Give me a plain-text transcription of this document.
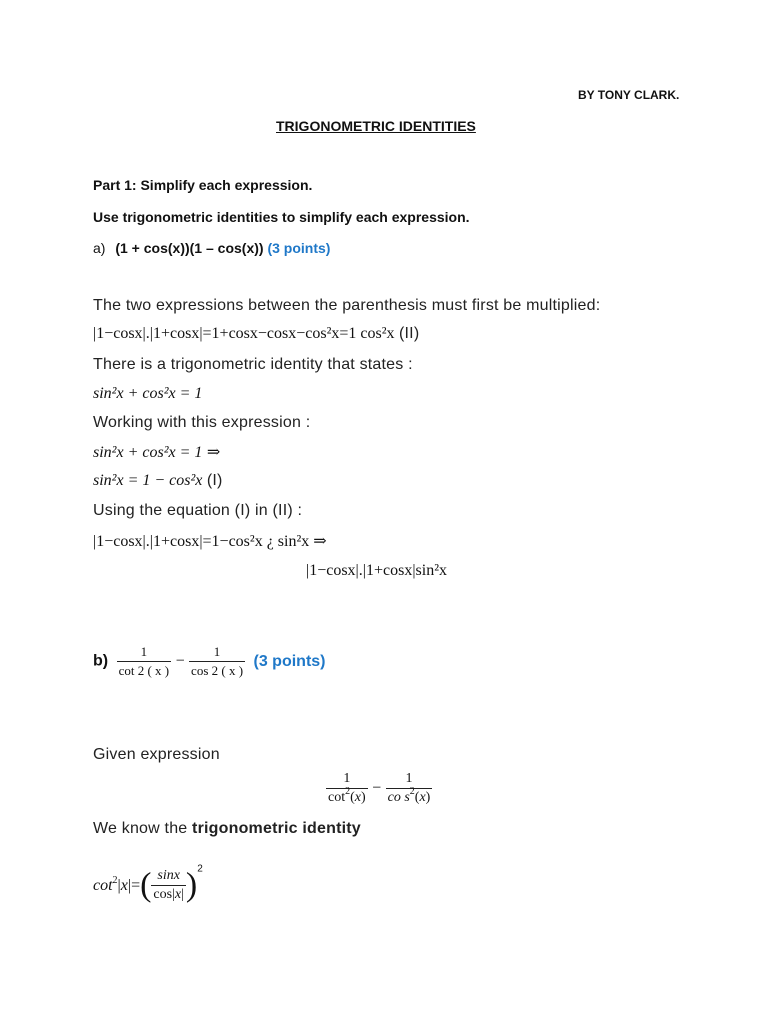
BY TONY CLARK.
TRIGONOMETRIC IDENTITIES
Part 1: Simplify each expression.
Use trigonometric identities to simplify each expression.
a) (1 + cos(x))(1 – cos(x)) (3 points)
The two expressions between the parenthesis must first be multiplied:
|1−cosx|.|1+cosx|=1+cosx−cosx−cos²x=1 cos²x (II)
There is a trigonometric identity that states :
sin²x + cos²x = 1
Working with this expression :
sin²x + cos²x = 1 ⇒
sin²x = 1 − cos²x (I)
Using the equation (I) in (II) :
|1−cosx|.|1+cosx|=1−cos²x ¿ sin²x ⇒
|1−cosx|.|1+cosx|sin²x
$b) \frac{1}{\cot 2 ( x )} - \frac{1}{\cos 2 ( x )} (3$ points)
Given expression
$\frac{1}{\cot^2(x)} - \frac{1}{co s^2(x)}$
We know the trigonometric identity
$\cot^2|x|=( \frac{\sin x}{\cos|x|} )^2$
